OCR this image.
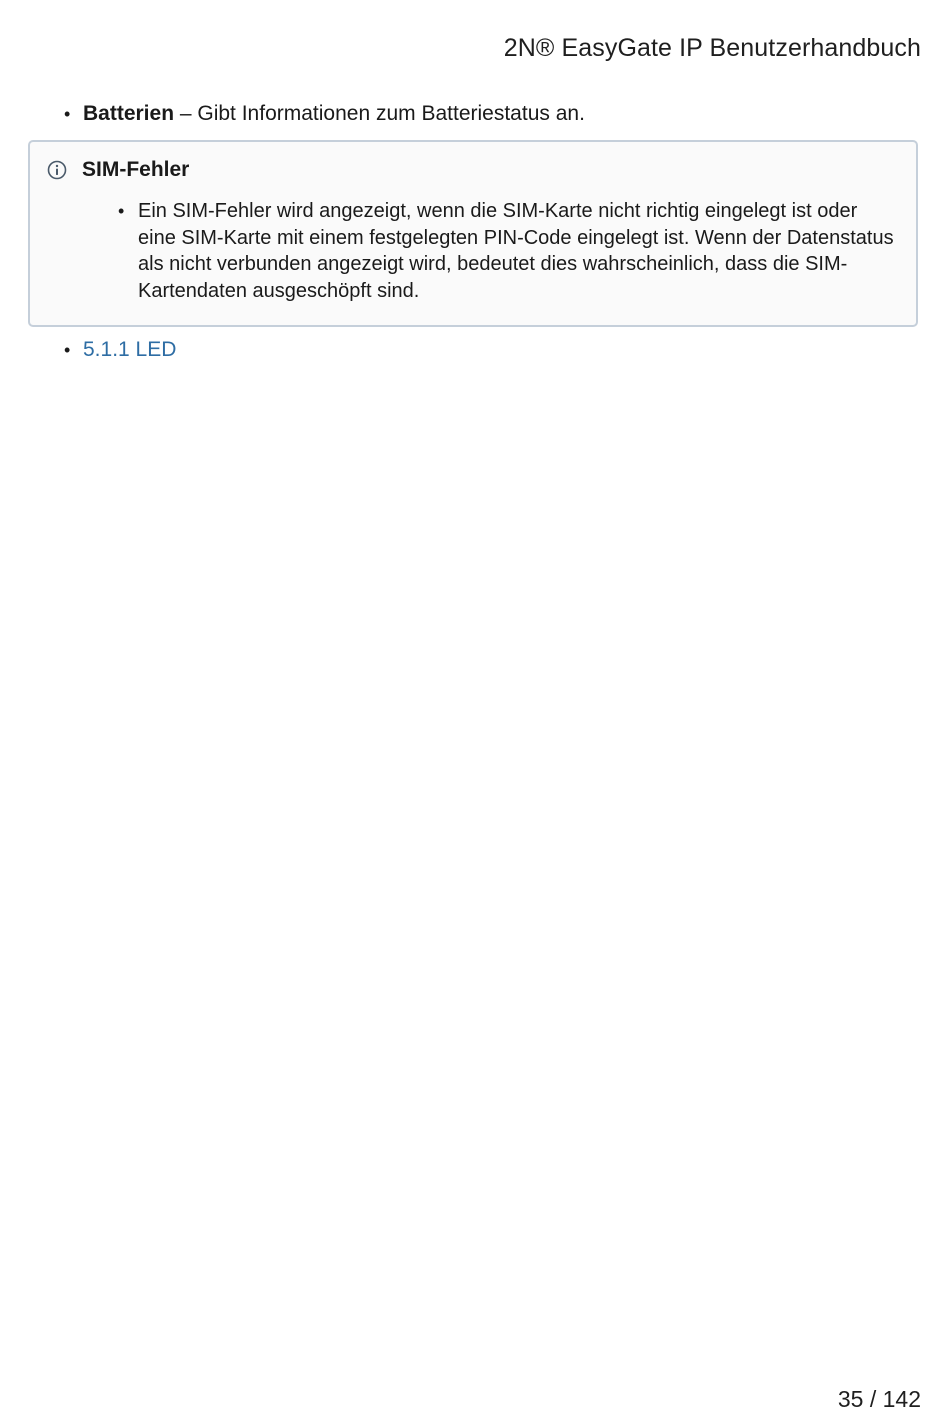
2N® EasyGate IP Benutzerhandbuch
• Batterien – Gibt Informationen zum Batteriestatus an.
SIM-Fehler
• Ein SIM-Fehler wird angezeigt, wenn die SIM-Karte nicht richtig eingelegt ist oder eine SIM-Karte mit einem festgelegten PIN-Code eingelegt ist. Wenn der Datenstatus als nicht verbunden angezeigt wird, bedeutet dies wahrscheinlich, dass die SIM-Kartendaten ausgeschöpft sind.
• 5.1.1 LED
35 / 142
